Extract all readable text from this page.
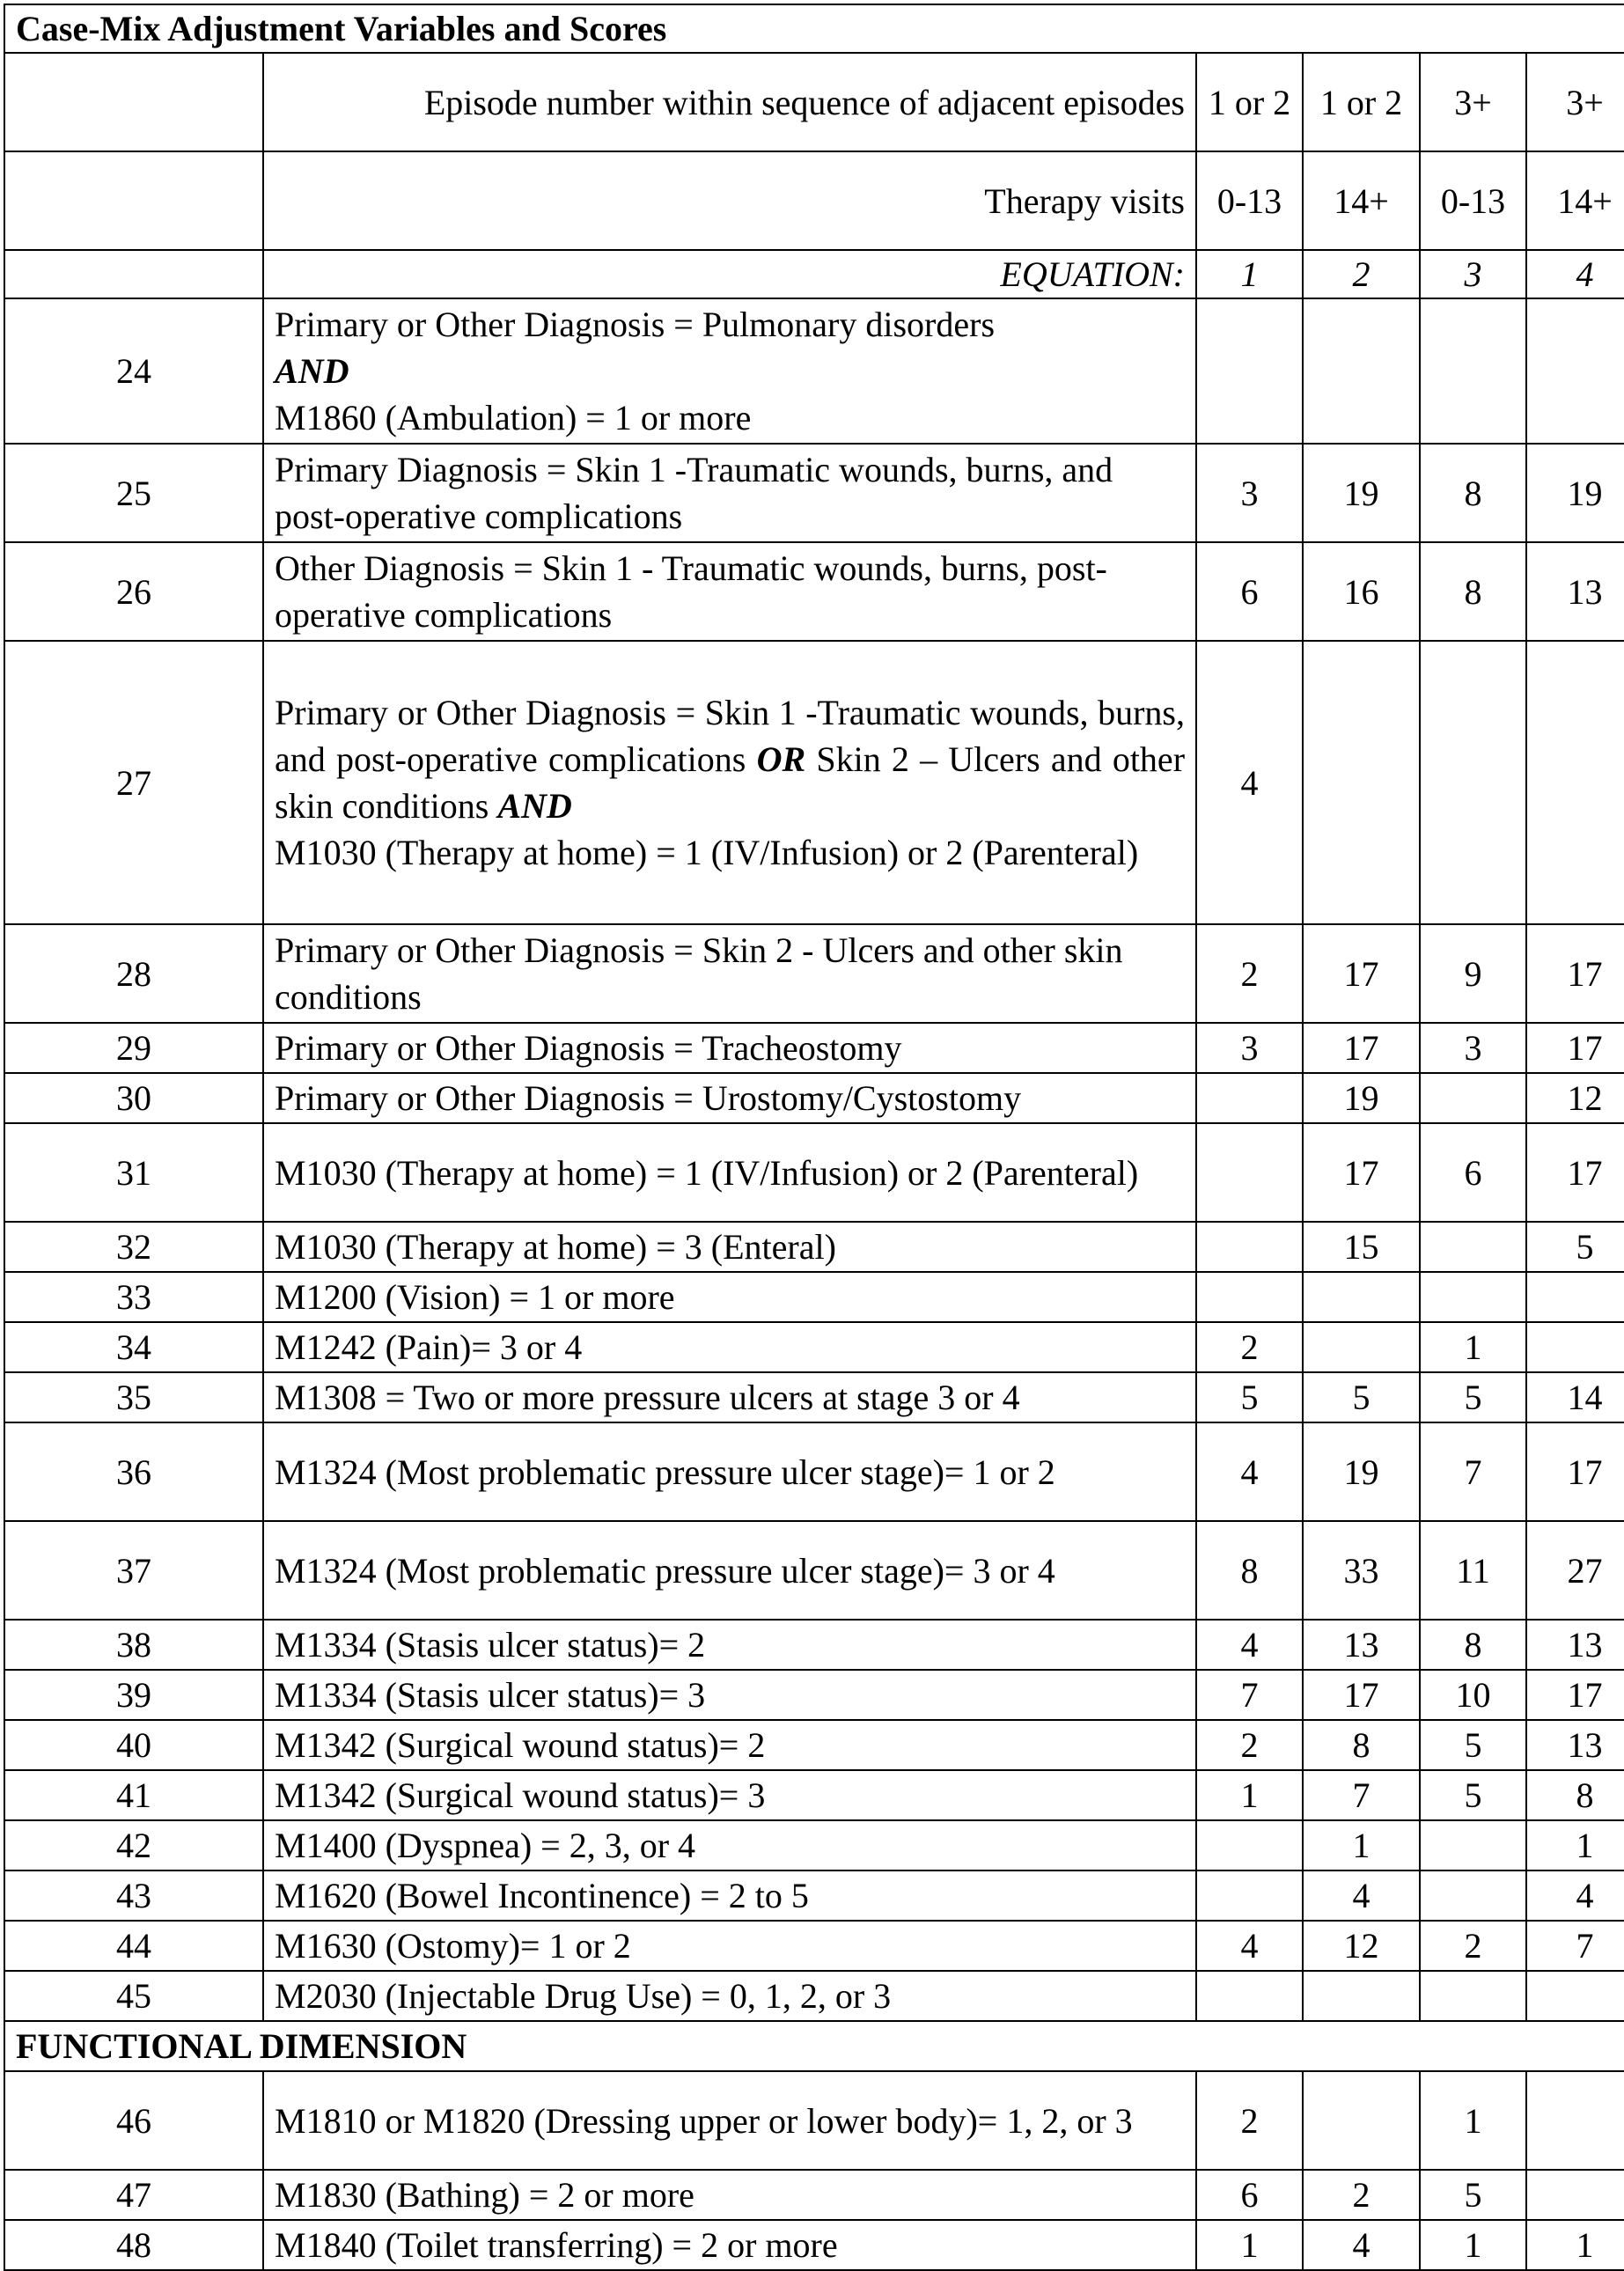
Case-Mix Adjustment Variables and Scores					
	Episode number within sequence of adjacent episodes	1 or 2	1 or 2	3+	3+
	Therapy visits	0-13	14+	0-13	14+
	EQUATION:	1	2	3	4
24	Primary or Other Diagnosis = Pulmonary disorders
AND
M1860 (Ambulation) = 1 or more				
25	Primary Diagnosis = Skin 1 -Traumatic wounds, burns, and post-operative complications	3	19	8	19
26	Other Diagnosis = Skin 1 - Traumatic wounds, burns, post-operative complications	6	16	8	13
27	Primary or Other Diagnosis = Skin 1 -Traumatic wounds, burns, and post-operative complications OR Skin 2 – Ulcers and other skin conditions AND
M1030 (Therapy at home) = 1 (IV/Infusion) or 2 (Parenteral)	4			
28	Primary or Other Diagnosis = Skin 2 - Ulcers and other skin conditions	2	17	9	17
29	Primary or Other Diagnosis = Tracheostomy	3	17	3	17
30	Primary or Other Diagnosis = Urostomy/Cystostomy		19		12
31	M1030 (Therapy at home) = 1 (IV/Infusion) or 2 (Parenteral)		17	6	17
32	M1030 (Therapy at home) = 3 (Enteral)		15		5
33	M1200 (Vision) = 1 or more				
34	M1242 (Pain)= 3 or 4	2		1	
35	M1308 = Two or more pressure ulcers at stage 3 or 4	5	5	5	14
36	M1324 (Most problematic pressure ulcer stage)= 1 or 2	4	19	7	17
37	M1324 (Most problematic pressure ulcer stage)= 3 or 4	8	33	11	27
38	M1334 (Stasis ulcer status)= 2	4	13	8	13
39	M1334 (Stasis ulcer status)= 3	7	17	10	17
40	M1342 (Surgical wound status)= 2	2	8	5	13
41	M1342 (Surgical wound status)= 3	1	7	5	8
42	M1400 (Dyspnea) = 2, 3, or 4		1		1
43	M1620 (Bowel Incontinence) = 2 to 5		4		4
44	M1630 (Ostomy)= 1 or 2	4	12	2	7
45	M2030 (Injectable Drug Use) = 0, 1, 2, or 3				
FUNCTIONAL DIMENSION					
46	M1810 or M1820 (Dressing upper or lower body)= 1, 2, or 3	2		1	
47	M1830 (Bathing) = 2 or more	6	2	5	
48	M1840 (Toilet transferring) = 2 or more	1	4	1	1
